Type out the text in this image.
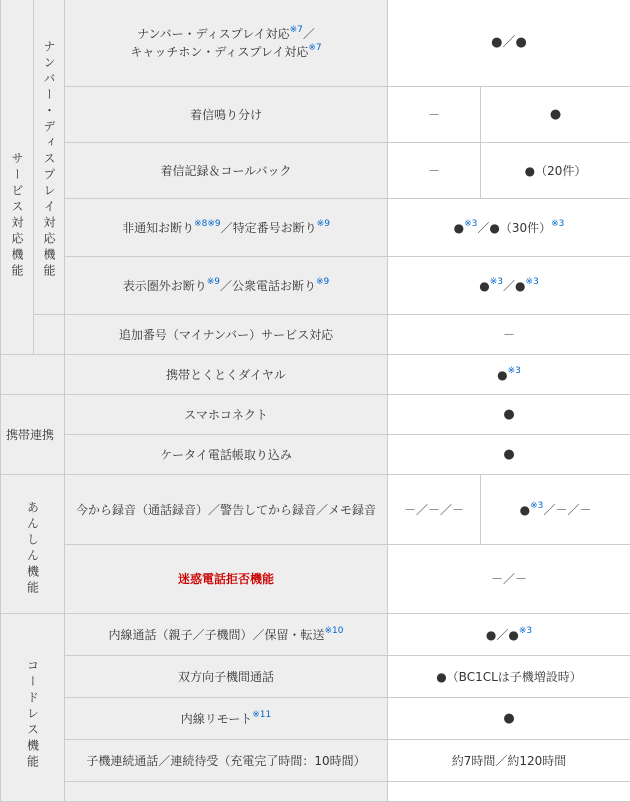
サービス対応機能	ナンバー・ディスプレイ対応機能	ナンバー・ディスプレイ対応$^{※7}$／
キャッチホン・ディスプレイ対応$^{※7}$	●／●	
		着信鳴り分け	－	●
		着信記録＆コールバック	－	●（20件）
		非通知お断り$^{※8※9}$／特定番号お断り$^{※9}$	●$^{※3}$／●（30件）$^{※3}$
		表示圏外お断り$^{※9}$／公衆電話お断り$^{※9}$	●$^{※3}$／●$^{※3}$
		追加番号（マイナンバー）サービス対応	－	
		携帯とくとくダイヤル	●$^{※3}$

携帯連携		スマホコネクト	●	
		ケータイ電話帳取り込み	●	

あんしん機能		今から録音（通話録音）／警告してから録音／メモ録音	－／－／－	●$^{※3}$／－／－
		迷惑電話拒否機能	－／－	

コードレス機能		内線通話（親子／子機間）／保留・転送$^{※10}$	●／●$^{※3}$
		双方向子機間通話	●（BC1CLは子機増設時）	
		内線リモート$^{※11}$	●	
		子機連続通話／連続待受（充電完了時間：10時間）	約7時間／約120時間	
